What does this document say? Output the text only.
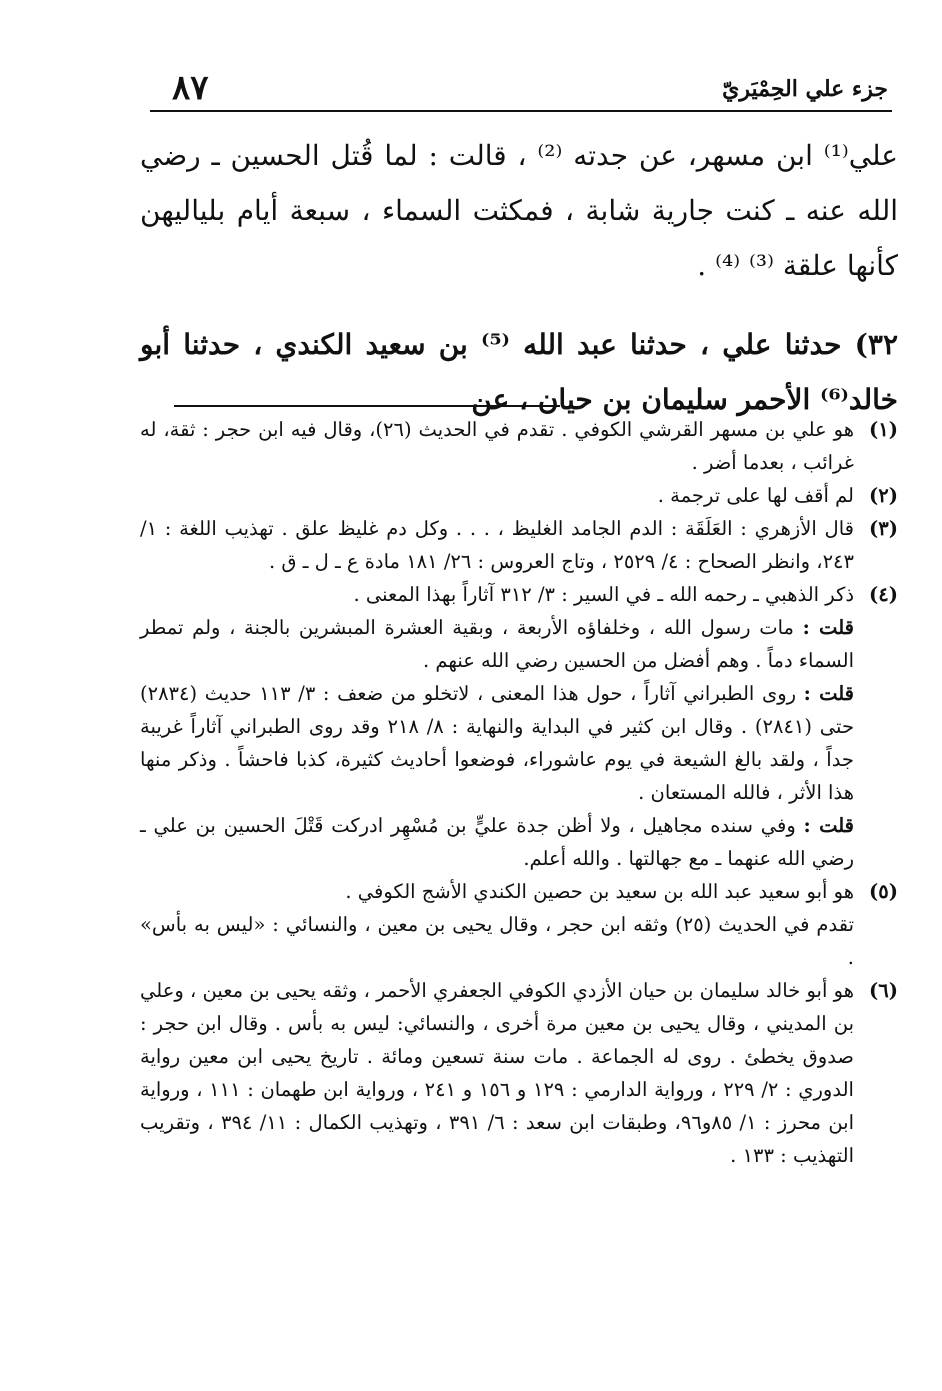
٨٧	جزء علي الحِمْيَريّ

علي⁽¹⁾ ابن مسهر، عن جدته ⁽²⁾ ، قالت : لما قُتل الحسين ـ رضي الله عنه ـ كنت جارية شابة ، فمكثت السماء ، سبعة أيام بلياليهن كأنها علقة ⁽³⁾ ⁽⁴⁾ .

٣٢) حدثنا علي ، حدثنا عبد الله ⁽⁵⁾ بن سعيد الكندي ، حدثنا أبو خالد⁽⁶⁾ الأحمر سليمان بن حيان ، عن

(١)
هو علي بن مسهر القرشي الكوفي . تقدم في الحديث (٢٦)، وقال فيه ابن حجر : ثقة، له غرائب ، بعدما أضر .

(٢)
لم أقف لها على ترجمة .

(٣)
قال الأزهري : العَلَقَة : الدم الجامد الغليظ ، . . . وكل دم غليظ علق . تهذيب اللغة : ١/ ٢٤٣، وانظر الصحاح : ٤/ ٢٥٢٩ ، وتاج العروس : ٢٦/ ١٨١ مادة ع ـ ل ـ ق .

(٤)
ذكر الذهبي ـ رحمه الله ـ في السير : ٣/ ٣١٢ آثاراً بهذا المعنى .

قلت : مات رسول الله ، وخلفاؤه الأربعة ، وبقية العشرة المبشرين بالجنة ، ولم تمطر السماء دماً . وهم أفضل من الحسين رضي الله عنهم .

قلت : روى الطبراني آثاراً ، حول هذا المعنى ، لاتخلو من ضعف : ٣/ ١١٣ حديث (٢٨٣٤) حتى (٢٨٤١) . وقال ابن كثير في البداية والنهاية : ٨/ ٢١٨ وقد روى الطبراني آثاراً غريبة جداً ، ولقد بالغ الشيعة في يوم عاشوراء، فوضعوا أحاديث كثيرة، كذبا فاحشاً . وذكر منها هذا الأثر ، فالله المستعان .

قلت : وفي سنده مجاهيل ، ولا أظن جدة عليٍّ بن مُسْهِر ادركت قَتْلَ الحسين بن علي ـ رضي الله عنهما ـ مع جهالتها . والله أعلم.

(٥)
هو أبو سعيد عبد الله بن سعيد بن حصين الكندي الأشج الكوفي .

تقدم في الحديث (٢٥) وثقه ابن حجر ، وقال يحيى بن معين ، والنسائي : «ليس به بأس» .

(٦)
هو أبو خالد سليمان بن حيان الأزدي الكوفي الجعفري الأحمر ، وثقه يحيى بن معين ، وعلي بن المديني ، وقال يحيى بن معين مرة أخرى ، والنسائي: ليس به بأس . وقال ابن حجر : صدوق يخطئ . روى له الجماعة . مات سنة تسعين ومائة . تاريخ يحيى ابن معين رواية الدوري : ٢/ ٢٢٩ ، ورواية الدارمي : ١٢٩ و ١٥٦ و ٢٤١ ، ورواية ابن طهمان : ١١١ ، ورواية ابن محرز : ١/ ٨٥و٩٦، وطبقات ابن سعد : ٦/ ٣٩١ ، وتهذيب الكمال : ١١/ ٣٩٤ ، وتقريب التهذيب : ١٣٣ .
